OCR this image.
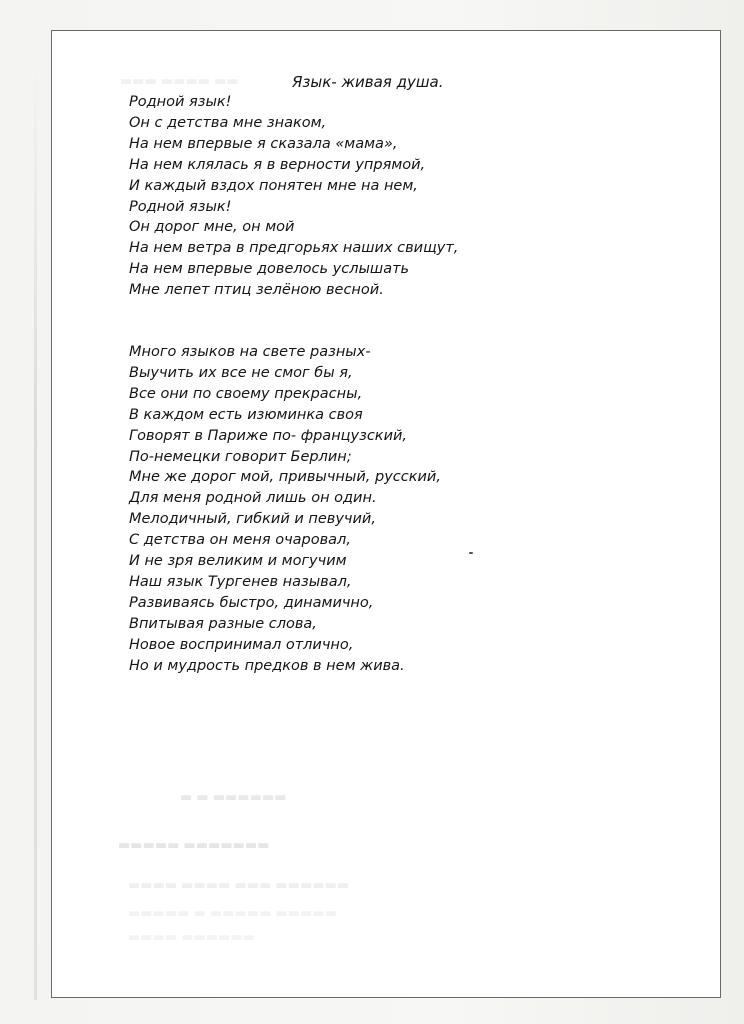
▬▬▬ ▬▬▬▬ ▬▬
▬ ▬ ▬▬▬▬▬▬
▬▬▬▬▬ ▬▬▬▬▬▬▬
▬▬▬▬ ▬▬▬▬ ▬▬▬ ▬▬▬▬▬▬
▬▬▬▬▬ ▬ ▬▬▬▬▬ ▬▬▬▬▬
▬▬▬▬ ▬▬▬▬▬▬
Язык- живая душа.
Родной язык!
Он с детства мне знаком,
На нем впервые я сказала «мама»,
На нем клялась я в верности упрямой,
И каждый вздох понятен мне на нем,
Родной язык!
Он дорог мне, он мой
На нем ветра в предгорьях наших свищут,
На нем впервые довелось услышать
Мне лепет птиц зелёною весной.
Много языков на свете разных-
Выучить их все не смог бы я,
Все они по своему прекрасны,
В каждом есть изюминка своя
Говорят в Париже по- французский,
По-немецки говорит Берлин;
Мне же дорог мой, привычный, русский,
Для меня родной лишь он один.
Мелодичный, гибкий и певучий,
С детства он меня очаровал,
И не зря великим и могучим
Наш язык Тургенев называл,
Развиваясь быстро, динамично,
Впитывая разные слова,
Новое воспринимал отлично,
Но и мудрость предков в нем жива.
